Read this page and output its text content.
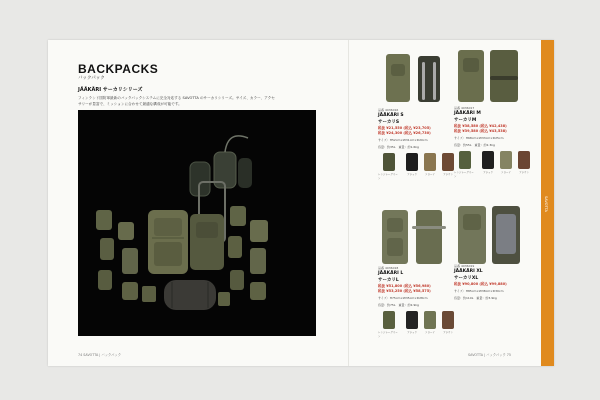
BACKPACKS
バックパック
JÄÄKÄRI サーカリシリーズ
フィンランド国防軍最新のバックパックシステムに完全対応する SAVOTTA のサーカリシリーズ。サイズ、カラー、アクセサリーが豊富で、ミッションに合わせて最適な構成が可能です。
74 SAVOTTA | バックパック
品番 4036016
JÄÄKÄRI S
サーカリS
税抜 ¥21,550 (税込 ¥23,705)
税抜 ¥24,300 (税込 ¥26,730)
サイズ：H52cm×W31cm×D20cm
容量：約35L　重量：約1.6kg
レンジャーグリーン
ブラック	コヨーテ	ブラウン
品番 4036017
JÄÄKÄRI M
サーカリM
税抜 ¥38,580 (税込 ¥42,438)
税抜 ¥39,580 (税込 ¥43,538)
サイズ：H68cm×W33cm×D25cm
容量：約55L　重量：約2.3kg
レンジャーグリーン
ブラック	コヨーテ	ブラウン
品番 4036018
JÄÄKÄRI L
サーカリL
税抜 ¥51,800 (税込 ¥56,980)
税抜 ¥53,250 (税込 ¥58,575)
サイズ：H75cm×W35cm×D28cm
容量：約75L　重量：約2.9kg
レンジャーグリーン
ブラック	コヨーテ	ブラウン
品番 4036019
JÄÄKÄRI XL
サーカリXL
税抜 ¥90,800 (税込 ¥99,880)
サイズ：H85cm×W38cm×D30cm
容量：約110L　重量：約3.9kg
SAVOTTA
SAVOTTA | バックパック 75
